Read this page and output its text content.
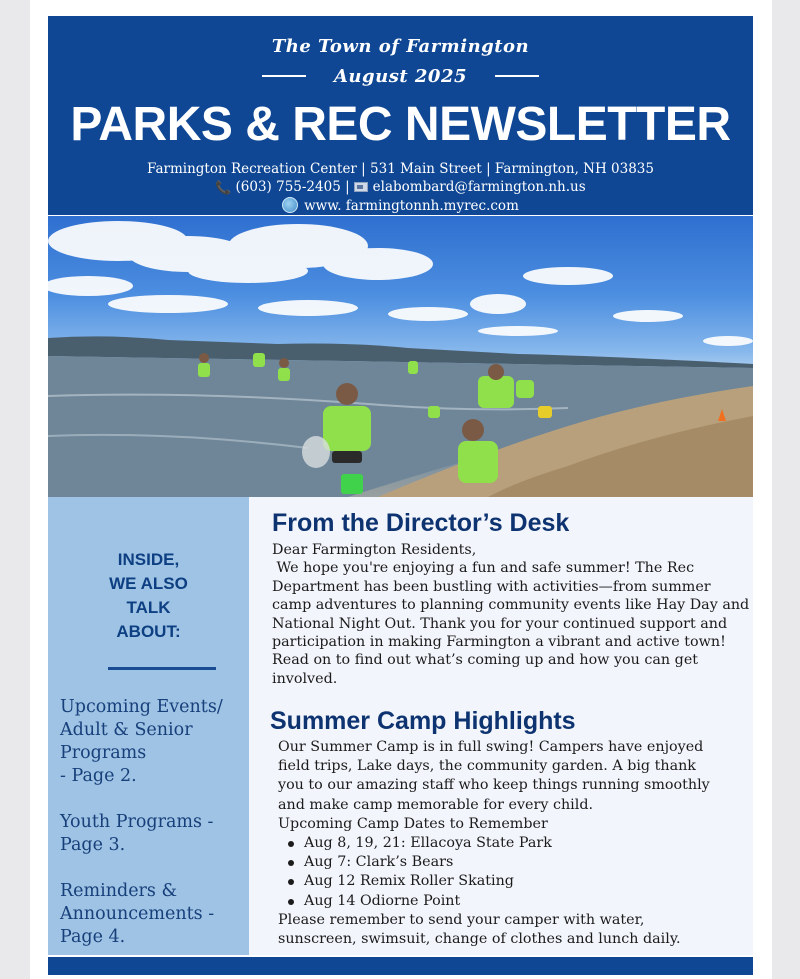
The Town of Farmington
August 2025
PARKS & REC NEWSLETTER
Farmington Recreation Center | 531 Main Street | Farmington, NH 03835
📞 (603) 755-2405 | elabombard@farmington.nh.us
www. farmingtonnh.myrec.com
INSIDE,
WE ALSO
TALK
ABOUT:

Upcoming Events/
Adult & Senior
Programs
- Page 2.

Youth Programs -
Page 3.

Reminders &
Announcements -
Page 4.

From the Director’s Desk
Dear Farmington Residents,
We hope you're enjoying a fun and safe summer! The Rec
Department has been bustling with activities—from summer
camp adventures to planning community events like Hay Day and
National Night Out. Thank you for your continued support and
participation in making Farmington a vibrant and active town!
Read on to find out what’s coming up and how you can get
involved.
Summer Camp Highlights
Our Summer Camp is in full swing! Campers have enjoyed
field trips, Lake days, the community garden. A big thank
you to our amazing staff who keep things running smoothly
and make camp memorable for every child.
Upcoming Camp Dates to Remember
Aug 8, 19, 21: Ellacoya State Park
Aug 7: Clark’s Bears
Aug 12 Remix Roller Skating
Aug 14 Odiorne Point
Please remember to send your camper with water,
sunscreen, swimsuit, change of clothes and lunch daily.
